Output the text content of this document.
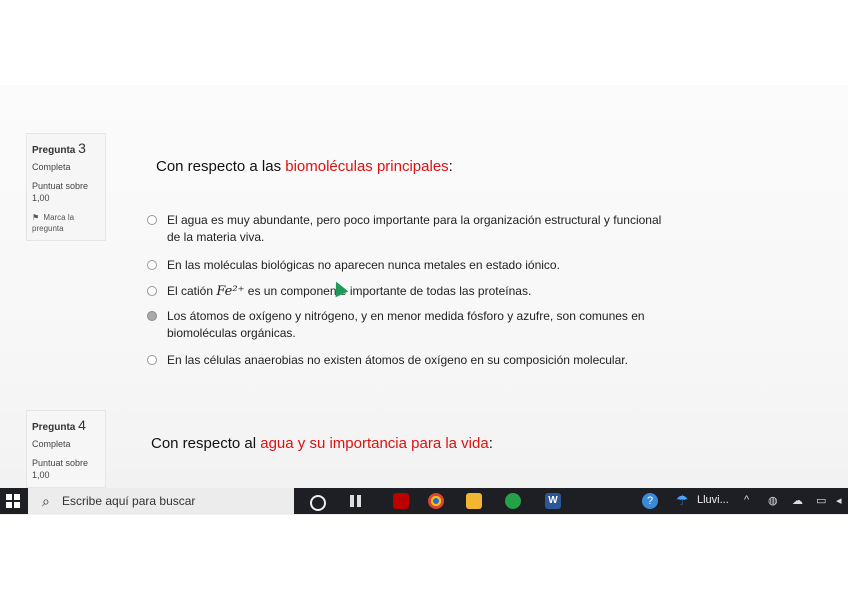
Pregunta 3
Completa
Puntuat sobre 1,00
⚑ Marca la pregunta
Con respecto a las biomoléculas principales:
El agua es muy abundante, pero poco importante para la organización estructural y funcional de la materia viva.
En las moléculas biológicas no aparecen nunca metales en estado iónico.
El catión Fe²⁺ es un componente importante de todas las proteínas.
Los átomos de oxígeno y nitrógeno, y en menor medida fósforo y azufre, son comunes en biomoléculas orgánicas.
En las células anaerobias no existen átomos de oxígeno en su composición molecular.
Pregunta 4
Completa
Puntuat sobre 1,00
Con respecto al agua y su importancia para la vida:
⌕ Escribe aquí para buscar	W	?	☂ Lluvi... ^ ◍ ☁ ▭ ◂
